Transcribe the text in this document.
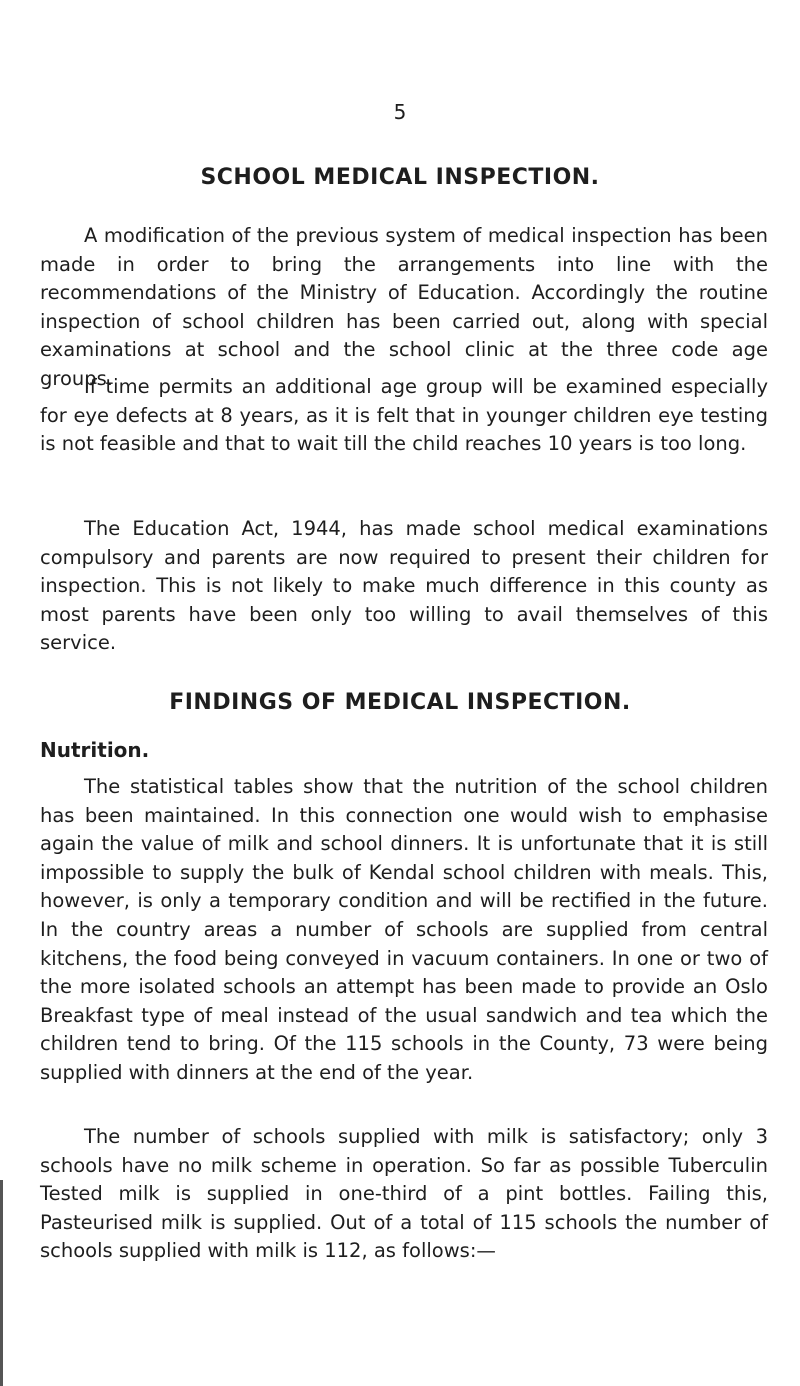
5
SCHOOL MEDICAL INSPECTION.

A modification of the previous system of medical inspection has been made in order to bring the arrangements into line with the recommendations of the Ministry of Education. Accordingly the routine inspection of school children has been carried out, along with special examinations at school and the school clinic at the three code age groups.

If time permits an additional age group will be examined especially for eye defects at 8 years, as it is felt that in younger children eye testing is not feasible and that to wait till the child reaches 10 years is too long.

The Education Act, 1944, has made school medical examinations compulsory and parents are now required to present their children for inspection. This is not likely to make much difference in this county as most parents have been only too willing to avail themselves of this service.

FINDINGS OF MEDICAL INSPECTION.
Nutrition.

The statistical tables show that the nutrition of the school children has been maintained. In this connection one would wish to emphasise again the value of milk and school dinners. It is unfortunate that it is still impossible to supply the bulk of Kendal school children with meals. This, however, is only a temporary condition and will be rectified in the future. In the country areas a number of schools are supplied from central kitchens, the food being conveyed in vacuum containers. In one or two of the more isolated schools an attempt has been made to provide an Oslo Breakfast type of meal instead of the usual sandwich and tea which the children tend to bring. Of the 115 schools in the County, 73 were being supplied with dinners at the end of the year.

The number of schools supplied with milk is satisfactory; only 3 schools have no milk scheme in operation. So far as possible Tuberculin Tested milk is supplied in one-third of a pint bottles. Failing this, Pasteurised milk is supplied. Out of a total of 115 schools the number of schools supplied with milk is 112, as follows:—
